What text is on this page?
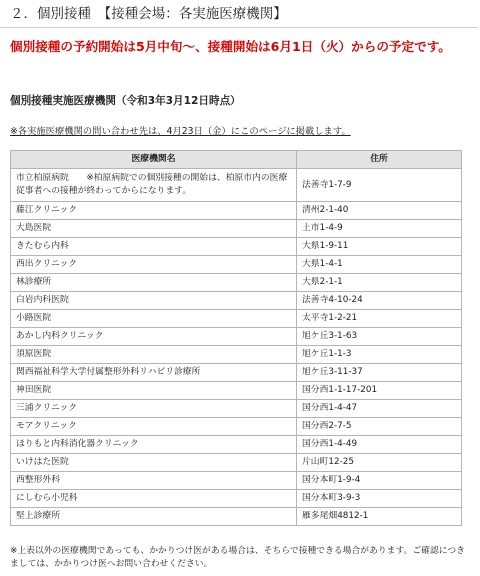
２．個別接種　【接種会場：各実施医療機関】
個別接種の予約開始は5月中旬〜、接種開始は6月1日（火）からの予定です。
個別接種実施医療機関（令和3年3月12日時点）
※各実施医療機関の問い合わせ先は、4月23日（金）にこのページに掲載します。
医療機関名	住所
市立柏原病院　　※柏原病院での個別接種の開始は、柏原市内の医療従事者への接種が終わってからになります。	法善寺1-7-9
藤江クリニック	清州2-1-40
大島医院	上市1-4-9
きたむら内科	大県1-9-11
西出クリニック	大県1-4-1
林診療所	大県2-1-1
白岩内科医院	法善寺4-10-24
小路医院	太平寺1-2-21
あかし内科クリニック	旭ケ丘3-1-63
須原医院	旭ケ丘1-1-3
関西福祉科学大学付属整形外科リハビリ診療所	旭ケ丘3-11-37
神田医院	国分西1-1-17-201
三浦クリニック	国分西1-4-47
モアクリニック	国分西2-7-5
ほりもと内科消化器クリニック	国分西1-4-49
いけはた医院	片山町12-25
西整形外科	国分本町1-9-4
にしむら小児科	国分本町3-9-3
堅上診療所	雁多尾畑4812-1
※上表以外の医療機関であっても、かかりつけ医がある場合は、そちらで接種できる場合があります。ご確認につきましては、かかりつけ医へお問い合わせください。
